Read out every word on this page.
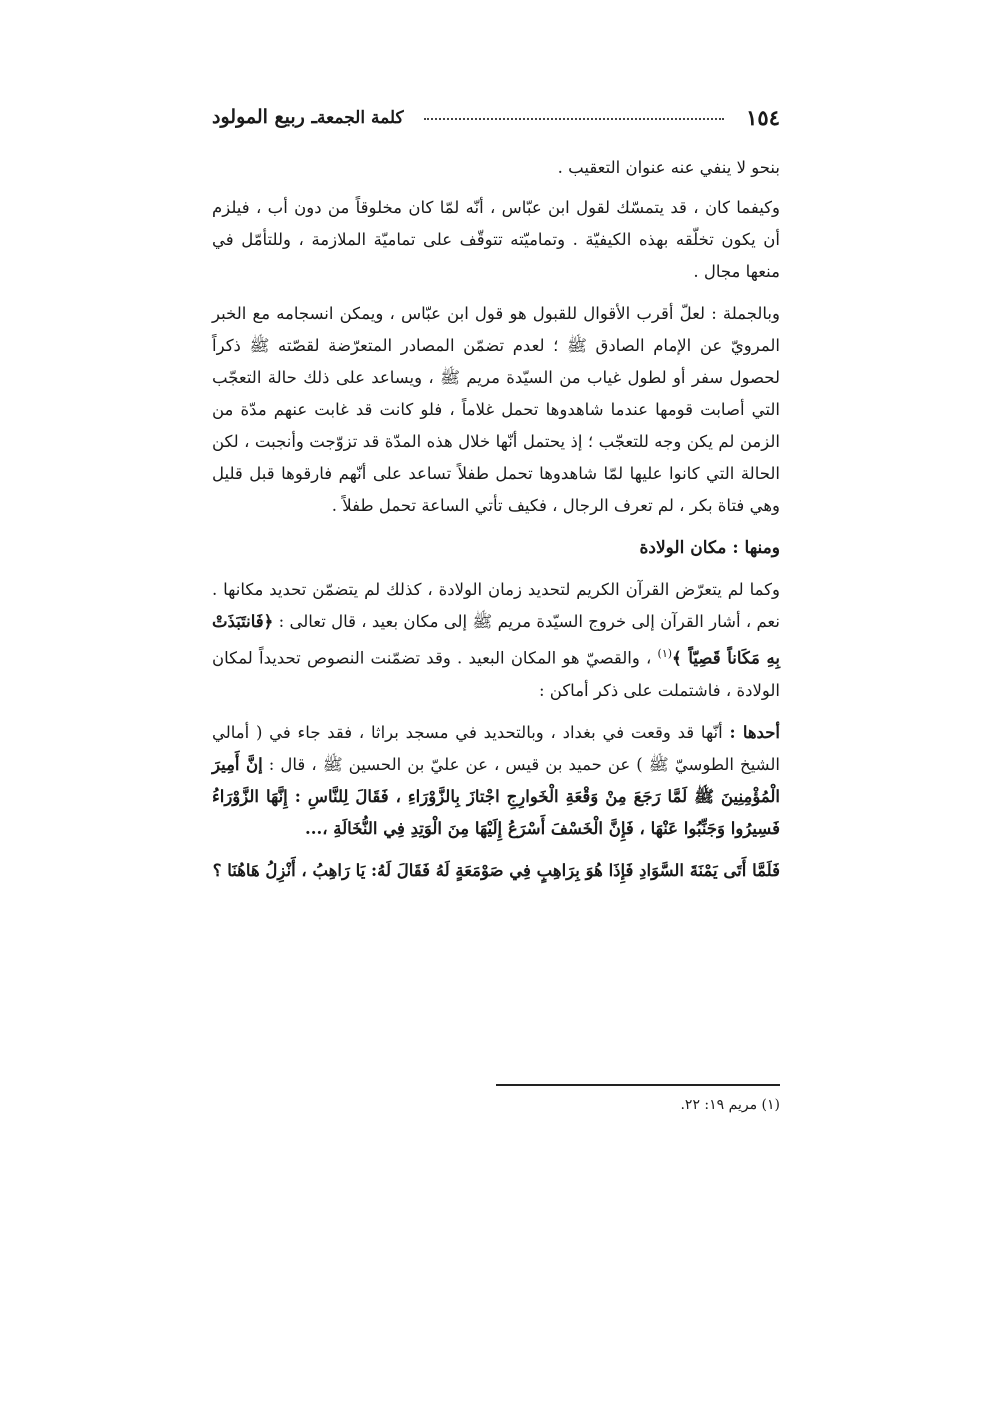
١٥٤
كلمة الجمعةـ ربيع المولود

بنحو لا ينفي عنه عنوان التعقيب .

وكيفما كان ، قد يتمسّك لقول ابن عبّاس ، أنّه لمّا كان مخلوقاً من دون أب ، فيلزم أن يكون تخلّقه بهذه الكيفيّة . وتماميّته تتوقّف على تماميّة الملازمة ، وللتأمّل في منعها مجال .

وبالجملة : لعلّ أقرب الأقوال للقبول هو قول ابن عبّاس ، ويمكن انسجامه مع الخبر المرويّ عن الإمام الصادق ﷺ ؛ لعدم تضمّن المصادر المتعرّضة لقصّته ﷺ ذكراً لحصول سفر أو لطول غياب من السيّدة مريم ﷺ ، ويساعد على ذلك حالة التعجّب التي أصابت قومها عندما شاهدوها تحمل غلاماً ، فلو كانت قد غابت عنهم مدّة من الزمن لم يكن وجه للتعجّب ؛ إذ يحتمل أنّها خلال هذه المدّة قد تزوّجت وأنجبت ، لكن الحالة التي كانوا عليها لمّا شاهدوها تحمل طفلاً تساعد على أنّهم فارقوها قبل قليل وهي فتاة بكر ، لم تعرف الرجال ، فكيف تأتي الساعة تحمل طفلاً .

ومنها : مكان الولادة

وكما لم يتعرّض القرآن الكريم لتحديد زمان الولادة ، كذلك لم يتضمّن تحديد مكانها . نعم ، أشار القرآن إلى خروج السيّدة مريم ﷺ إلى مكان بعيد ، قال تعالى : ﴿فَانتَبَذَتْ بِهِ مَكَاناً قَصِيّاً ﴾$^{(١)}$ ، والقصيّ هو المكان البعيد . وقد تضمّنت النصوص تحديداً لمكان الولادة ، فاشتملت على ذكر أماكن :

أحدها : أنّها قد وقعت في بغداد ، وبالتحديد في مسجد براثا ، فقد جاء في ( أمالي الشيخ الطوسيّ ﷺ ) عن حميد بن قيس ، عن عليّ بن الحسين ﷺ ، قال : إنَّ أَمِيرَ الْمُؤْمِنِينَ ﷺ لَمَّا رَجَعَ مِنْ وَقْعَةِ الْخَوارِجِ اجْتازَ بِالزَّوْرَاءِ ، فَقَالَ لِلنَّاسِ : إِنَّهَا الزَّوْرَاءُ فَسِيرُوا وَجَنِّبُوا عَنْهَا ، فَإِنَّ الْخَسْفَ أَسْرَعُ إِلَيْهَا مِنَ الْوَتِدِ فِي النُّخَالَةِ ،...

فَلَمَّا أَتَى يَمْنَةَ السَّوَادِ فَإِذَا هُوَ بِرَاهِبٍ فِي صَوْمَعَةٍ لَهُ فَقَالَ لَهُ: يَا رَاهِبُ ، أَنْزِلُ هَاهُنَا ؟

(١) مريم ١٩: ٢٢.
